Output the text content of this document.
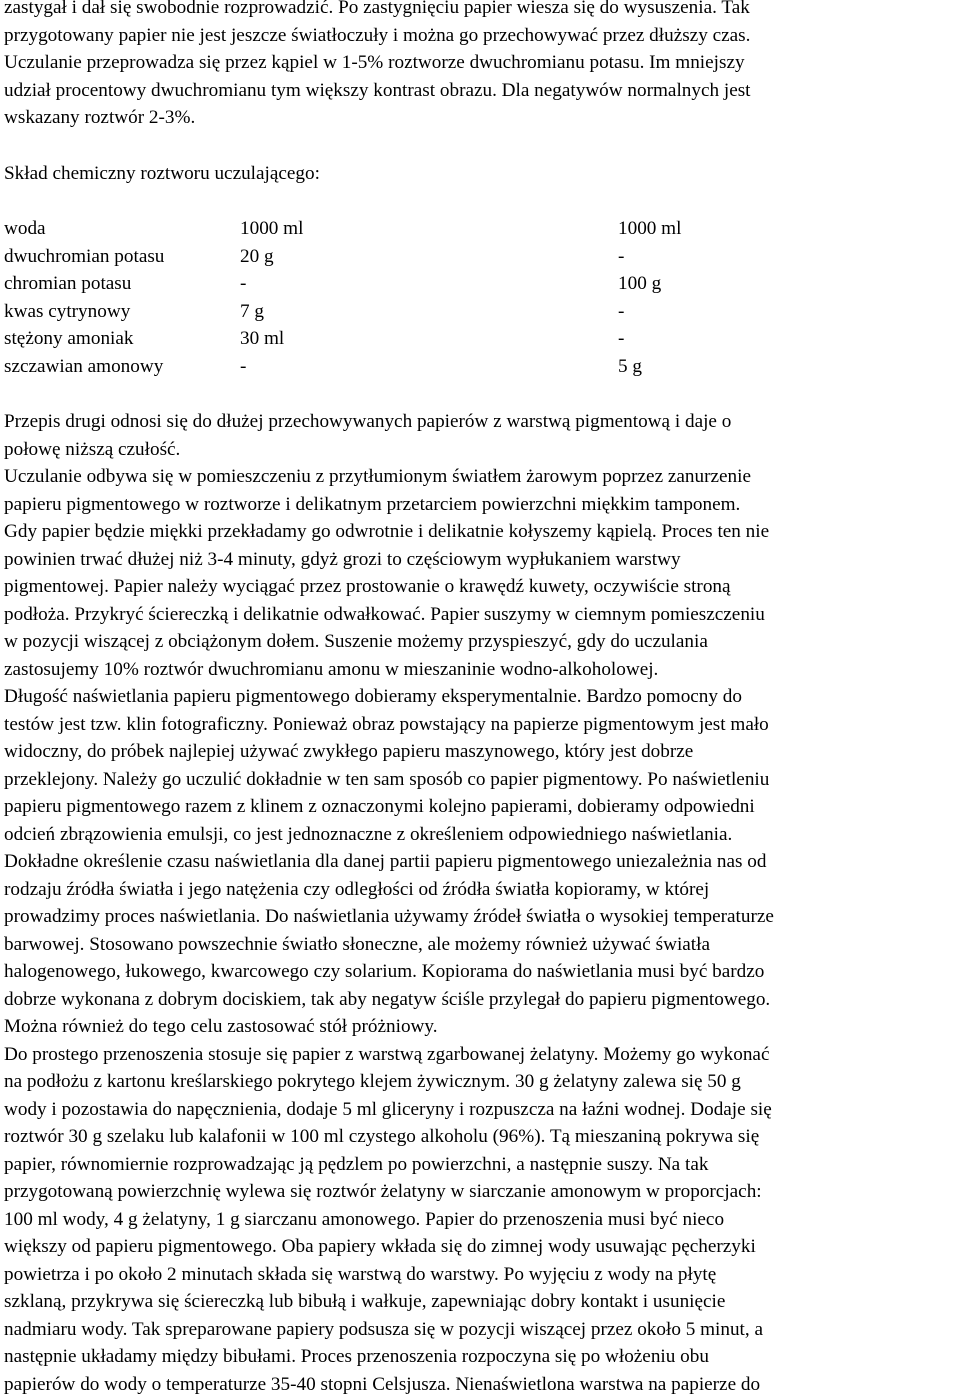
zastygał i dał się swobodnie rozprowadzić. Po zastygnięciu papier wiesza się do wysuszenia. Tak
przygotowany papier nie jest jeszcze światłoczuły i można go przechowywać przez dłuższy czas.
Uczulanie przeprowadza się przez kąpiel w 1-5% roztworze dwuchromianu potasu. Im mniejszy
udział procentowy dwuchromianu tym większy kontrast obrazu. Dla negatywów normalnych jest
wskazany roztwór 2-3%.
Skład chemiczny roztworu uczulającego:
woda	1000 ml	1000 ml
dwuchromian potasu	20 g	-
chromian potasu	-	100 g
kwas cytrynowy	7 g	-
stężony amoniak	30 ml	-
szczawian amonowy	-	5 g
Przepis drugi odnosi się do dłużej przechowywanych papierów z warstwą pigmentową i daje o
połowę niższą czułość.
Uczulanie odbywa się w pomieszczeniu z przytłumionym światłem żarowym poprzez zanurzenie
papieru pigmentowego w roztworze i delikatnym przetarciem powierzchni miękkim tamponem.
Gdy papier będzie miękki przekładamy go odwrotnie i delikatnie kołyszemy kąpielą. Proces ten nie
powinien trwać dłużej niż 3-4 minuty, gdyż grozi to częściowym wypłukaniem warstwy
pigmentowej. Papier należy wyciągać przez prostowanie o krawędź kuwety, oczywiście stroną
podłoża. Przykryć ściereczką i delikatnie odwałkować. Papier suszymy w ciemnym pomieszczeniu
w pozycji wiszącej z obciążonym dołem. Suszenie możemy przyspieszyć, gdy do uczulania
zastosujemy 10% roztwór dwuchromianu amonu w mieszaninie wodno-alkoholowej.
Długość naświetlania papieru pigmentowego dobieramy eksperymentalnie. Bardzo pomocny do
testów jest tzw. klin fotograficzny. Ponieważ obraz powstający na papierze pigmentowym jest mało
widoczny, do próbek najlepiej używać zwykłego papieru maszynowego, który jest dobrze
przeklejony. Należy go uczulić dokładnie w ten sam sposób co papier pigmentowy. Po naświetleniu
papieru pigmentowego razem z klinem z oznaczonymi kolejno papierami, dobieramy odpowiedni
odcień zbrązowienia emulsji, co jest jednoznaczne z określeniem odpowiedniego naświetlania.
Dokładne określenie czasu naświetlania dla danej partii papieru pigmentowego uniezależnia nas od
rodzaju źródła światła i jego natężenia czy odległości od źródła światła kopioramy, w której
prowadzimy proces naświetlania. Do naświetlania używamy źródeł światła o wysokiej temperaturze
barwowej. Stosowano powszechnie światło słoneczne, ale możemy również używać światła
halogenowego, łukowego, kwarcowego czy solarium. Kopiorama do naświetlania musi być bardzo
dobrze wykonana z dobrym dociskiem, tak aby negatyw ściśle przylegał do papieru pigmentowego.
Można również do tego celu zastosować stół próżniowy.
Do prostego przenoszenia stosuje się papier z warstwą zgarbowanej żelatyny. Możemy go wykonać
na podłożu z kartonu kreślarskiego pokrytego klejem żywicznym. 30 g żelatyny zalewa się 50 g
wody i pozostawia do napęcznienia, dodaje 5 ml gliceryny i rozpuszcza na łaźni wodnej. Dodaje się
roztwór 30 g szelaku lub kalafonii w 100 ml czystego alkoholu (96%). Tą mieszaniną pokrywa się
papier, równomiernie rozprowadzając ją pędzlem po powierzchni, a następnie suszy. Na tak
przygotowaną powierzchnię wylewa się roztwór żelatyny w siarczanie amonowym w proporcjach:
100 ml wody, 4 g żelatyny, 1 g siarczanu amonowego. Papier do przenoszenia musi być nieco
większy od papieru pigmentowego. Oba papiery wkłada się do zimnej wody usuwając pęcherzyki
powietrza i po około 2 minutach składa się warstwą do warstwy. Po wyjęciu z wody na płytę
szklaną, przykrywa się ściereczką lub bibułą i wałkuje, zapewniając dobry kontakt i usunięcie
nadmiaru wody. Tak spreparowane papiery podsusza się w pozycji wiszącej przez około 5 minut, a
następnie układamy między bibułami. Proces przenoszenia rozpoczyna się po włożeniu obu
papierów do wody o temperaturze 35-40 stopni Celsjusza. Nienaświetlona warstwa na papierze do
